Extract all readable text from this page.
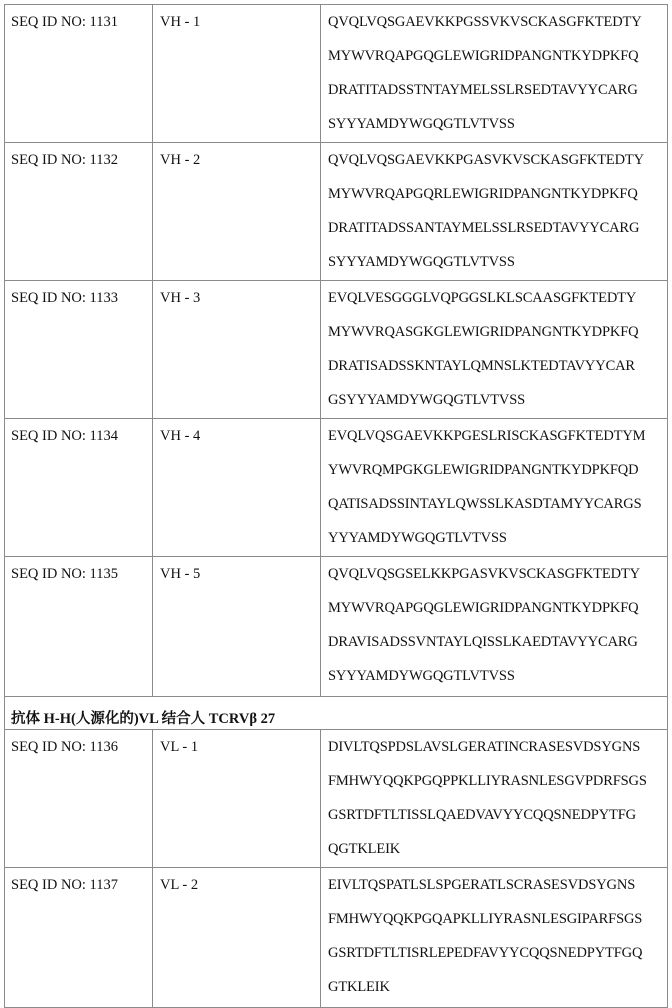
SEQ ID NO: 1131	VH - 1	QVQLVQSGAEVKKPGSSVKVSCKASGFKTEDTY
MYWVRQAPGQGLEWIGRIDPANGNTKYDPKFQ
DRATITADSSTNTAYMELSSLRSEDTAVYYCARG
SYYYAMDYWGQGTLVTVSS

SEQ ID NO: 1132	VH - 2	QVQLVQSGAEVKKPGASVKVSCKASGFKTEDTY
MYWVRQAPGQRLEWIGRIDPANGNTKYDPKFQ
DRATITADSSANTAYMELSSLRSEDTAVYYCARG
SYYYAMDYWGQGTLVTVSS

SEQ ID NO: 1133	VH - 3	EVQLVESGGGLVQPGGSLKLSCAASGFKTEDTY
MYWVRQASGKGLEWIGRIDPANGNTKYDPKFQ
DRATISADSSKNTAYLQMNSLKTEDTAVYYCAR
GSYYYAMDYWGQGTLVTVSS

SEQ ID NO: 1134	VH - 4	EVQLVQSGAEVKKPGESLRISCKASGFKTEDTYM
YWVRQMPGKGLEWIGRIDPANGNTKYDPKFQD
QATISADSSINTAYLQWSSLKASDTAMYYCARGS
YYYAMDYWGQGTLVTVSS

SEQ ID NO: 1135	VH - 5	QVQLVQSGSELKKPGASVKVSCKASGFKTEDTY
MYWVRQAPGQGLEWIGRIDPANGNTKYDPKFQ
DRAVISADSSVNTAYLQISSLKAEDTAVYYCARG
SYYYAMDYWGQGTLVTVSS

抗体 H-H(人源化的)VL 结合人 TCRVβ 27		

SEQ ID NO: 1136	VL - 1	DIVLTQSPDSLAVSLGERATINCRASESVDSYGNS
FMHWYQQKPGQPPKLLIYRASNLESGVPDRFSGS
GSRTDFTLTISSLQAEDVAVYYCQQSNEDPYTFG
QGTKLEIK

SEQ ID NO: 1137	VL - 2	EIVLTQSPATLSLSPGERATLSCRASESVDSYGNS
FMHWYQQKPGQAPKLLIYRASNLESGIPARFSGS
GSRTDFTLTISRLEPEDFAVYYCQQSNEDPYTFGQ
GTKLEIK
